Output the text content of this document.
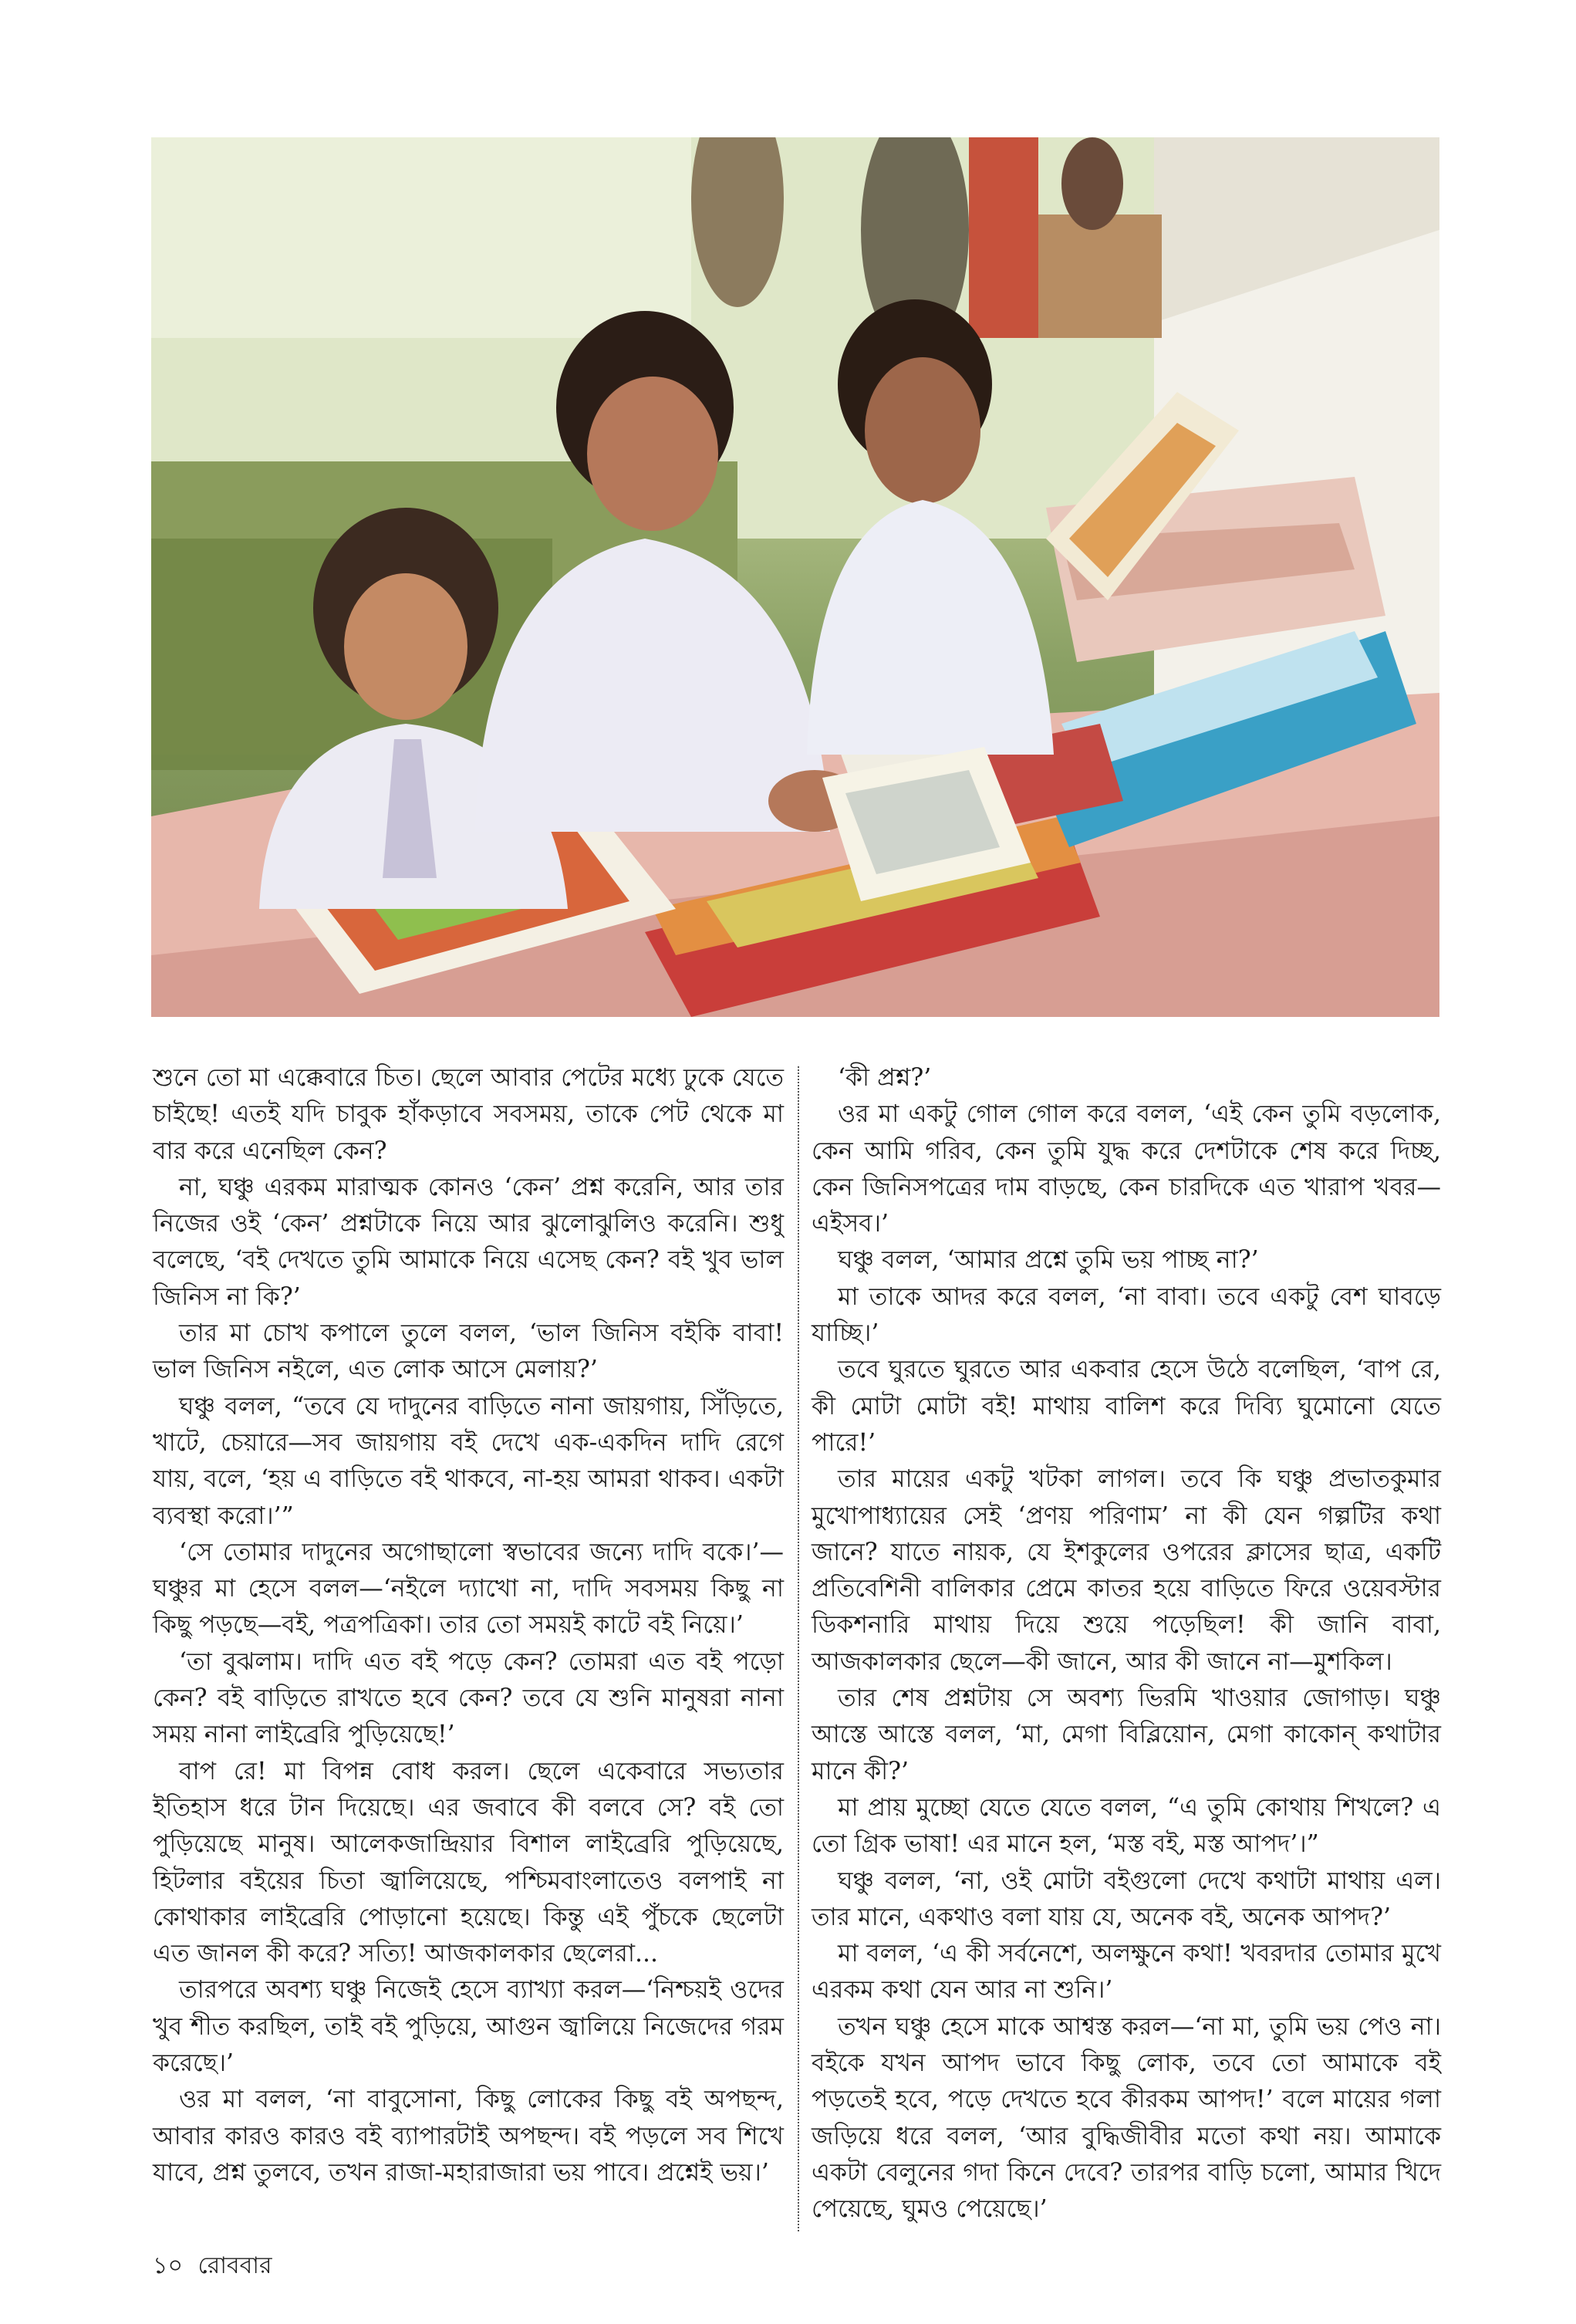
শুনে তো মা এক্কেবারে চিত। ছেলে আবার পেটের মধ্যে ঢুকে যেতে চাইছে! এতই যদি চাবুক হাঁকড়াবে সবসময়, তাকে পেট থেকে মা বার করে এনেছিল কেন?

না, ঘঞ্চু এরকম মারাত্মক কোনও ‘কেন’ প্রশ্ন করেনি, আর তার নিজের ওই ‘কেন’ প্রশ্নটাকে নিয়ে আর ঝুলোঝুলিও করেনি। শুধু বলেছে, ‘বই দেখতে তুমি আমাকে নিয়ে এসেছ কেন? বই খুব ভাল জিনিস না কি?’

তার মা চোখ কপালে তুলে বলল, ‘ভাল জিনিস বইকি বাবা! ভাল জিনিস নইলে, এত লোক আসে মেলায়?’

ঘঞ্চু বলল, “তবে যে দাদুনের বাড়িতে নানা জায়গায়, সিঁড়িতে, খাটে, চেয়ারে—সব জায়গায় বই দেখে এক-একদিন দাদি রেগে যায়, বলে, ‘হয় এ বাড়িতে বই থাকবে, না-হয় আমরা থাকব। একটা ব্যবস্থা করো।’”

‘সে তোমার দাদুনের অগোছালো স্বভাবের জন্যে দাদি বকে।’—ঘঞ্চুর মা হেসে বলল—‘নইলে দ্যাখো না, দাদি সবসময় কিছু না কিছু পড়ছে—বই, পত্রপত্রিকা। তার তো সময়ই কাটে বই নিয়ে।’

‘তা বুঝলাম। দাদি এত বই পড়ে কেন? তোমরা এত বই পড়ো কেন? বই বাড়িতে রাখতে হবে কেন? তবে যে শুনি মানুষরা নানা সময় নানা লাইব্রেরি পুড়িয়েছে!’

বাপ রে! মা বিপন্ন বোধ করল। ছেলে একেবারে সভ্যতার ইতিহাস ধরে টান দিয়েছে। এর জবাবে কী বলবে সে? বই তো পুড়িয়েছে মানুষ। আলেকজান্দ্রিয়ার বিশাল লাইব্রেরি পুড়িয়েছে, হিটলার বইয়ের চিতা জ্বালিয়েছে, পশ্চিমবাংলাতেও বলপাই না কোথাকার লাইব্রেরি পোড়ানো হয়েছে। কিন্তু এই পুঁচকে ছেলেটা এত জানল কী করে? সত্যি! আজকালকার ছেলেরা...

তারপরে অবশ্য ঘঞ্চু নিজেই হেসে ব্যাখ্যা করল—‘নিশ্চয়ই ওদের খুব শীত করছিল, তাই বই পুড়িয়ে, আগুন জ্বালিয়ে নিজেদের গরম করেছে।’

ওর মা বলল, ‘না বাবুসোনা, কিছু লোকের কিছু বই অপছন্দ, আবার কারও কারও বই ব্যাপারটাই অপছন্দ। বই পড়লে সব শিখে যাবে, প্রশ্ন তুলবে, তখন রাজা-মহারাজারা ভয় পাবে। প্রশ্নেই ভয়।’

‘কী প্রশ্ন?’

ওর মা একটু গোল গোল করে বলল, ‘এই কেন তুমি বড়লোক, কেন আমি গরিব, কেন তুমি যুদ্ধ করে দেশটাকে শেষ করে দিচ্ছ, কেন জিনিসপত্রের দাম বাড়ছে, কেন চারদিকে এত খারাপ খবর—এইসব।’

ঘঞ্চু বলল, ‘আমার প্রশ্নে তুমি ভয় পাচ্ছ না?’

মা তাকে আদর করে বলল, ‘না বাবা। তবে একটু বেশ ঘাবড়ে যাচ্ছি।’

তবে ঘুরতে ঘুরতে আর একবার হেসে উঠে বলেছিল, ‘বাপ রে, কী মোটা মোটা বই! মাথায় বালিশ করে দিব্যি ঘুমোনো যেতে পারে!’

তার মায়ের একটু খটকা লাগল। তবে কি ঘঞ্চু প্রভাতকুমার মুখোপাধ্যায়ের সেই ‘প্রণয় পরিণাম’ না কী যেন গল্পটির কথা জানে? যাতে নায়ক, যে ইশকুলের ওপরের ক্লাসের ছাত্র, একটি প্রতিবেশিনী বালিকার প্রেমে কাতর হয়ে বাড়িতে ফিরে ওয়েবস্টার ডিকশনারি মাথায় দিয়ে শুয়ে পড়েছিল! কী জানি বাবা, আজকালকার ছেলে—কী জানে, আর কী জানে না—মুশকিল।

তার শেষ প্রশ্নটায় সে অবশ্য ভিরমি খাওয়ার জোগাড়। ঘঞ্চু আস্তে আস্তে বলল, ‘মা, মেগা বিব্লিয়োন, মেগা কাকোন্ কথাটার মানে কী?’

মা প্রায় মুচ্ছো যেতে যেতে বলল, “এ তুমি কোথায় শিখলে? এ তো গ্রিক ভাষা! এর মানে হল, ‘মস্ত বই, মস্ত আপদ’।”

ঘঞ্চু বলল, ‘না, ওই মোটা বইগুলো দেখে কথাটা মাথায় এল। তার মানে, একথাও বলা যায় যে, অনেক বই, অনেক আপদ?’

মা বলল, ‘এ কী সর্বনেশে, অলক্ষুনে কথা! খবরদার তোমার মুখে এরকম কথা যেন আর না শুনি।’

তখন ঘঞ্চু হেসে মাকে আশ্বস্ত করল—‘না মা, তুমি ভয় পেও না। বইকে যখন আপদ ভাবে কিছু লোক, তবে তো আমাকে বই পড়তেই হবে, পড়ে দেখতে হবে কীরকম আপদ!’ বলে মায়ের গলা জড়িয়ে ধরে বলল, ‘আর বুদ্ধিজীবীর মতো কথা নয়। আমাকে একটা বেলুনের গদা কিনে দেবে? তারপর বাড়ি চলো, আমার খিদে পেয়েছে, ঘুমও পেয়েছে।’

১০ রোববার
